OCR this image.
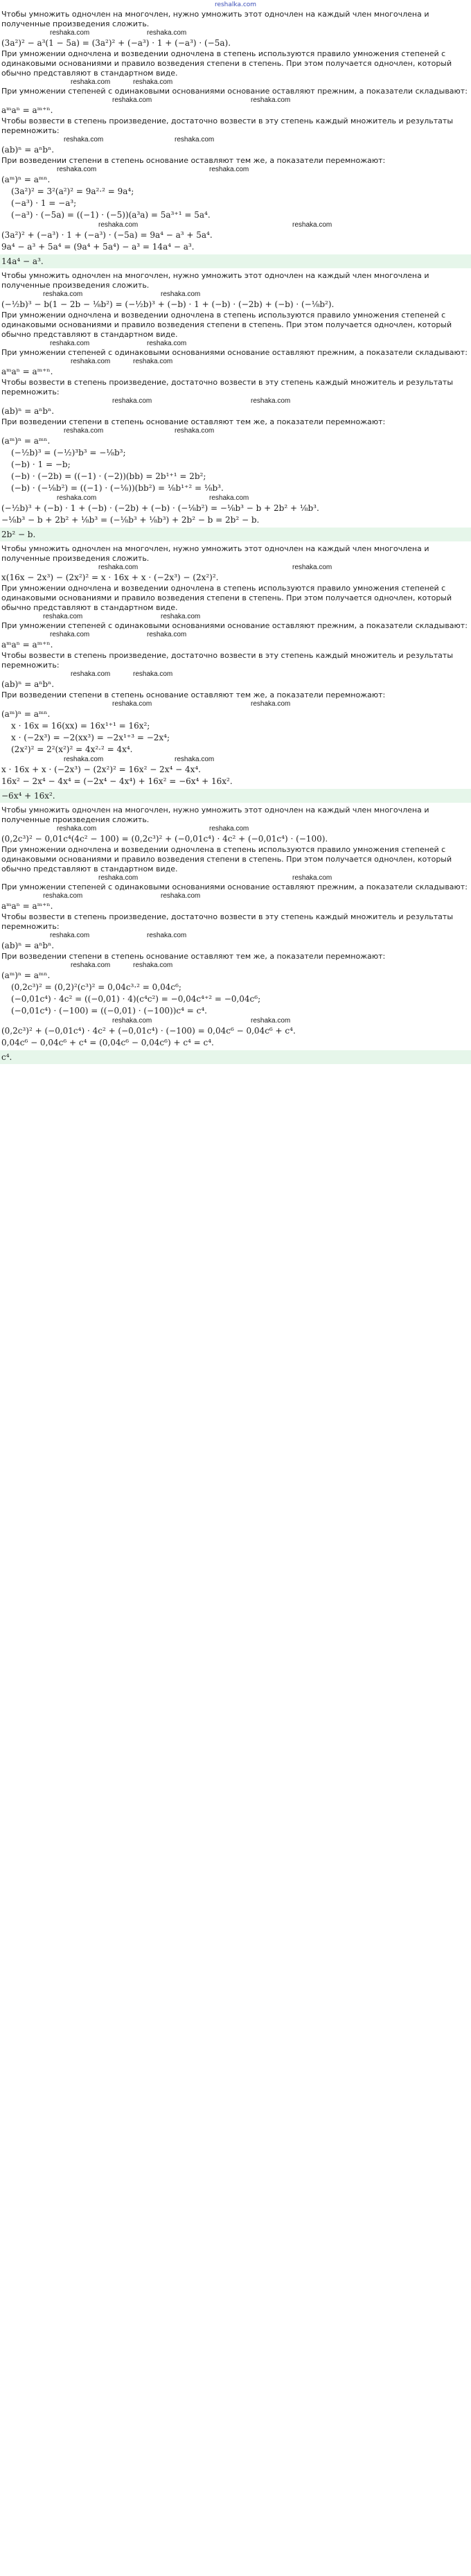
reshalka.com

Чтобы умножить одночлен на многочлен, нужно умножить этот одночлен на каждый член многочлена и полученные произведения сложить.

reshaka.com	reshaka.com

(3a²)² − a³(1 − 5a) = (3a²)² + (−a³) · 1 + (−a³) · (−5a).

При умножении одночлена и возведении одночлена в степень используются правило умножения степеней с одинаковыми основаниями и правило возведения степени в степень. При этом получается одночлен, который обычно представляют в стандартном виде.

reshaka.com	reshaka.com

При умножении степеней с одинаковыми основаниями основание оставляют прежним, а показатели складывают:

reshaka.com	reshaka.com

aᵐaⁿ = aᵐ⁺ⁿ.

Чтобы возвести в степень произведение, достаточно возвести в эту степень каждый множитель и результаты перемножить:

reshaka.com	reshaka.com

(ab)ⁿ = aⁿbⁿ.

При возведении степени в степень основание оставляют тем же, а показатели перемножают:

reshaka.com	reshaka.com

(aᵐ)ⁿ = aᵐⁿ.

(3a²)² = 3²(a²)² = 9a²·² = 9a⁴;

(−a³) · 1 = −a³;

(−a³) · (−5a) = ((−1) · (−5))(a³a) = 5a³⁺¹ = 5a⁴.

reshaka.com	reshaka.com

(3a²)² + (−a³) · 1 + (−a³) · (−5a) = 9a⁴ − a³ + 5a⁴.

9a⁴ − a³ + 5a⁴ = (9a⁴ + 5a⁴) − a³ = 14a⁴ − a³.

14a⁴ − a³.

Чтобы умножить одночлен на многочлен, нужно умножить этот одночлен на каждый член многочлена и полученные произведения сложить.

reshaka.com	reshaka.com

(−½b)³ − b(1 − 2b − ⅛b²) = (−½b)³ + (−b) · 1 + (−b) · (−2b) + (−b) · (−⅛b²).

При умножении одночлена и возведении одночлена в степень используются правило умножения степеней с одинаковыми основаниями и правило возведения степени в степень. При этом получается одночлен, который обычно представляют в стандартном виде.

reshaka.com	reshaka.com

При умножении степеней с одинаковыми основаниями основание оставляют прежним, а показатели складывают:

reshaka.com	reshaka.com

aᵐaⁿ = aᵐ⁺ⁿ.

Чтобы возвести в степень произведение, достаточно возвести в эту степень каждый множитель и результаты перемножить:

reshaka.com	reshaka.com

(ab)ⁿ = aⁿbⁿ.

При возведении степени в степень основание оставляют тем же, а показатели перемножают:

reshaka.com	reshaka.com

(aᵐ)ⁿ = aᵐⁿ.

(−½b)³ = (−½)³b³ = −⅛b³;

(−b) · 1 = −b;

(−b) · (−2b) = ((−1) · (−2))(bb) = 2b¹⁺¹ = 2b²;

(−b) · (−⅛b²) = ((−1) · (−⅛))(bb²) = ⅛b¹⁺² = ⅛b³.

reshaka.com	reshaka.com

(−½b)³ + (−b) · 1 + (−b) · (−2b) + (−b) · (−⅛b²) = −⅛b³ − b + 2b² + ⅛b³.

−⅛b³ − b + 2b² + ⅛b³ = (−⅛b³ + ⅛b³) + 2b² − b = 2b² − b.

2b² − b.

Чтобы умножить одночлен на многочлен, нужно умножить этот одночлен на каждый член многочлена и полученные произведения сложить.

reshaka.com	reshaka.com

x(16x − 2x³) − (2x²)² = x · 16x + x · (−2x³) − (2x²)².

При умножении одночлена и возведении одночлена в степень используются правило умножения степеней с одинаковыми основаниями и правило возведения степени в степень. При этом получается одночлен, который обычно представляют в стандартном виде.

reshaka.com	reshaka.com

При умножении степеней с одинаковыми основаниями основание оставляют прежним, а показатели складывают:

reshaka.com	reshaka.com

aᵐaⁿ = aᵐ⁺ⁿ.

Чтобы возвести в степень произведение, достаточно возвести в эту степень каждый множитель и результаты перемножить:

reshaka.com	reshaka.com

(ab)ⁿ = aⁿbⁿ.

При возведении степени в степень основание оставляют тем же, а показатели перемножают:

reshaka.com	reshaka.com

(aᵐ)ⁿ = aᵐⁿ.

x · 16x = 16(xx) = 16x¹⁺¹ = 16x²;

x · (−2x³) = −2(xx³) = −2x¹⁺³ = −2x⁴;

(2x²)² = 2²(x²)² = 4x²·² = 4x⁴.

reshaka.com	reshaka.com

x · 16x + x · (−2x³) − (2x²)² = 16x² − 2x⁴ − 4x⁴.

16x² − 2x⁴ − 4x⁴ = (−2x⁴ − 4x⁴) + 16x² = −6x⁴ + 16x².

−6x⁴ + 16x².

Чтобы умножить одночлен на многочлен, нужно умножить этот одночлен на каждый член многочлена и полученные произведения сложить.

reshaka.com	reshaka.com

(0,2c³)² − 0,01c⁴(4c² − 100) = (0,2c³)² + (−0,01c⁴) · 4c² + (−0,01c⁴) · (−100).

При умножении одночлена и возведении одночлена в степень используются правило умножения степеней с одинаковыми основаниями и правило возведения степени в степень. При этом получается одночлен, который обычно представляют в стандартном виде.

reshaka.com	reshaka.com

При умножении степеней с одинаковыми основаниями основание оставляют прежним, а показатели складывают:

reshaka.com	reshaka.com

aᵐaⁿ = aᵐ⁺ⁿ.

Чтобы возвести в степень произведение, достаточно возвести в эту степень каждый множитель и результаты перемножить:

reshaka.com	reshaka.com

(ab)ⁿ = aⁿbⁿ.

При возведении степени в степень основание оставляют тем же, а показатели перемножают:

reshaka.com	reshaka.com

(aᵐ)ⁿ = aᵐⁿ.

(0,2c³)² = (0,2)²(c³)² = 0,04c³·² = 0,04c⁶;

(−0,01c⁴) · 4c² = ((−0,01) · 4)(c⁴c²) = −0,04c⁴⁺² = −0,04c⁶;

(−0,01c⁴) · (−100) = ((−0,01) · (−100))c⁴ = c⁴.

reshaka.com	reshaka.com

(0,2c³)² + (−0,01c⁴) · 4c² + (−0,01c⁴) · (−100) = 0,04c⁶ − 0,04c⁶ + c⁴.

0,04c⁶ − 0,04c⁶ + c⁴ = (0,04c⁶ − 0,04c⁶) + c⁴ = c⁴.

c⁴.
